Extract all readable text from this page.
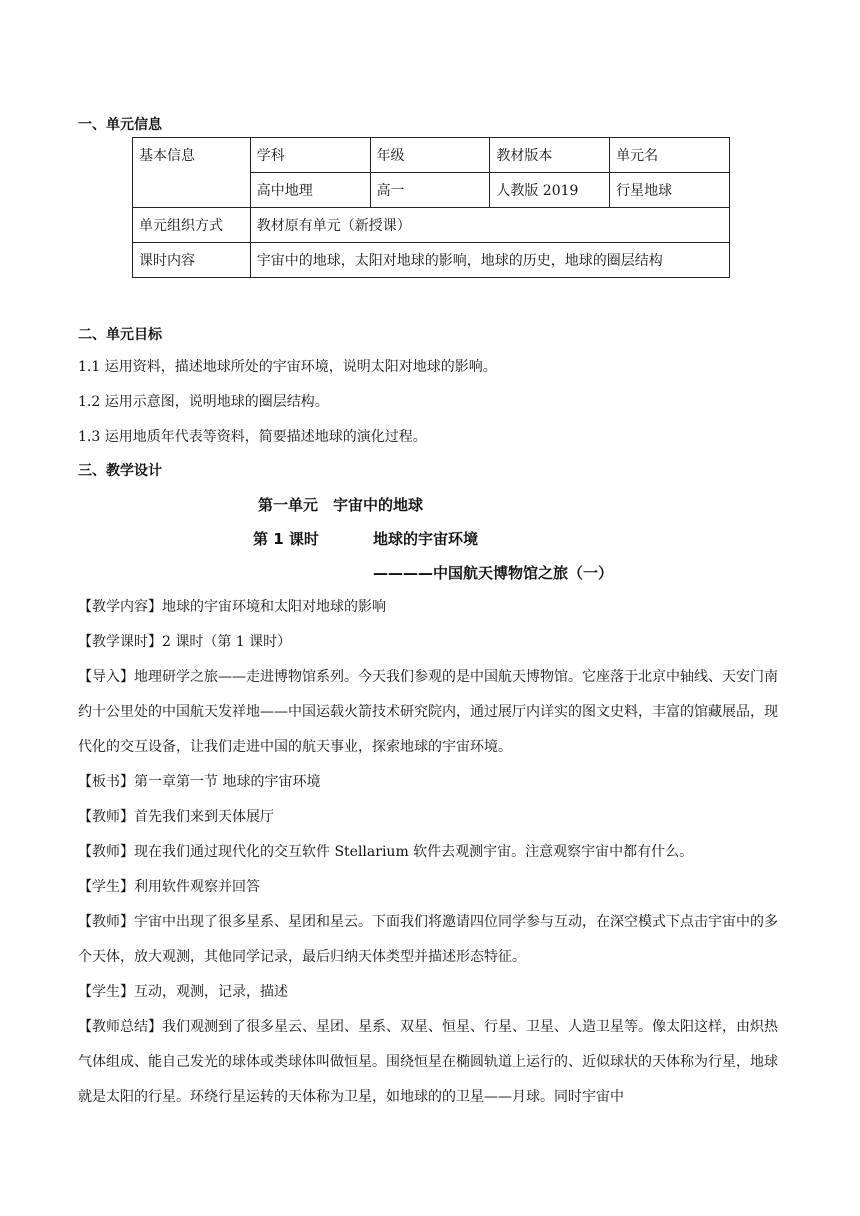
一、单元信息
基本信息	学科	年级	教材版本	单元名
	高中地理	高一	人教版 2019	行星地球
单元组织方式	教材原有单元（新授课）			
课时内容	宇宙中的地球，太阳对地球的影响，地球的历史，地球的圈层结构			
二、单元目标
1.1 运用资料，描述地球所处的宇宙环境，说明太阳对地球的影响。
1.2 运用示意图，说明地球的圈层结构。
1.3 运用地质年代表等资料，简要描述地球的演化过程。
三、教学设计
第一单元　宇宙中的地球
第 1 课时	地球的宇宙环境
————中国航天博物馆之旅（一）

【教学内容】地球的宇宙环境和太阳对地球的影响

【教学课时】2 课时（第 1 课时）

【导入】地理研学之旅——走进博物馆系列。今天我们参观的是中国航天博物馆。它座落于北京中轴线、天安门南约十公里处的中国航天发祥地——中国运载火箭技术研究院内，通过展厅内详实的图文史料，丰富的馆藏展品，现代化的交互设备，让我们走进中国的航天事业，探索地球的宇宙环境。

【板书】第一章第一节 地球的宇宙环境

【教师】首先我们来到天体展厅

【教师】现在我们通过现代化的交互软件 Stellarium 软件去观测宇宙。注意观察宇宙中都有什么。

【学生】利用软件观察并回答

【教师】宇宙中出现了很多星系、星团和星云。下面我们将邀请四位同学参与互动，在深空模式下点击宇宙中的多个天体，放大观测，其他同学记录，最后归纳天体类型并描述形态特征。

【学生】互动，观测，记录，描述

【教师总结】我们观测到了很多星云、星团、星系、双星、恒星、行星、卫星、人造卫星等。像太阳这样，由炽热气体组成、能自己发光的球体或类球体叫做恒星。围绕恒星在椭圆轨道上运行的、近似球状的天体称为行星，地球就是太阳的行星。环绕行星运转的天体称为卫星，如地球的的卫星——月球。同时宇宙中
